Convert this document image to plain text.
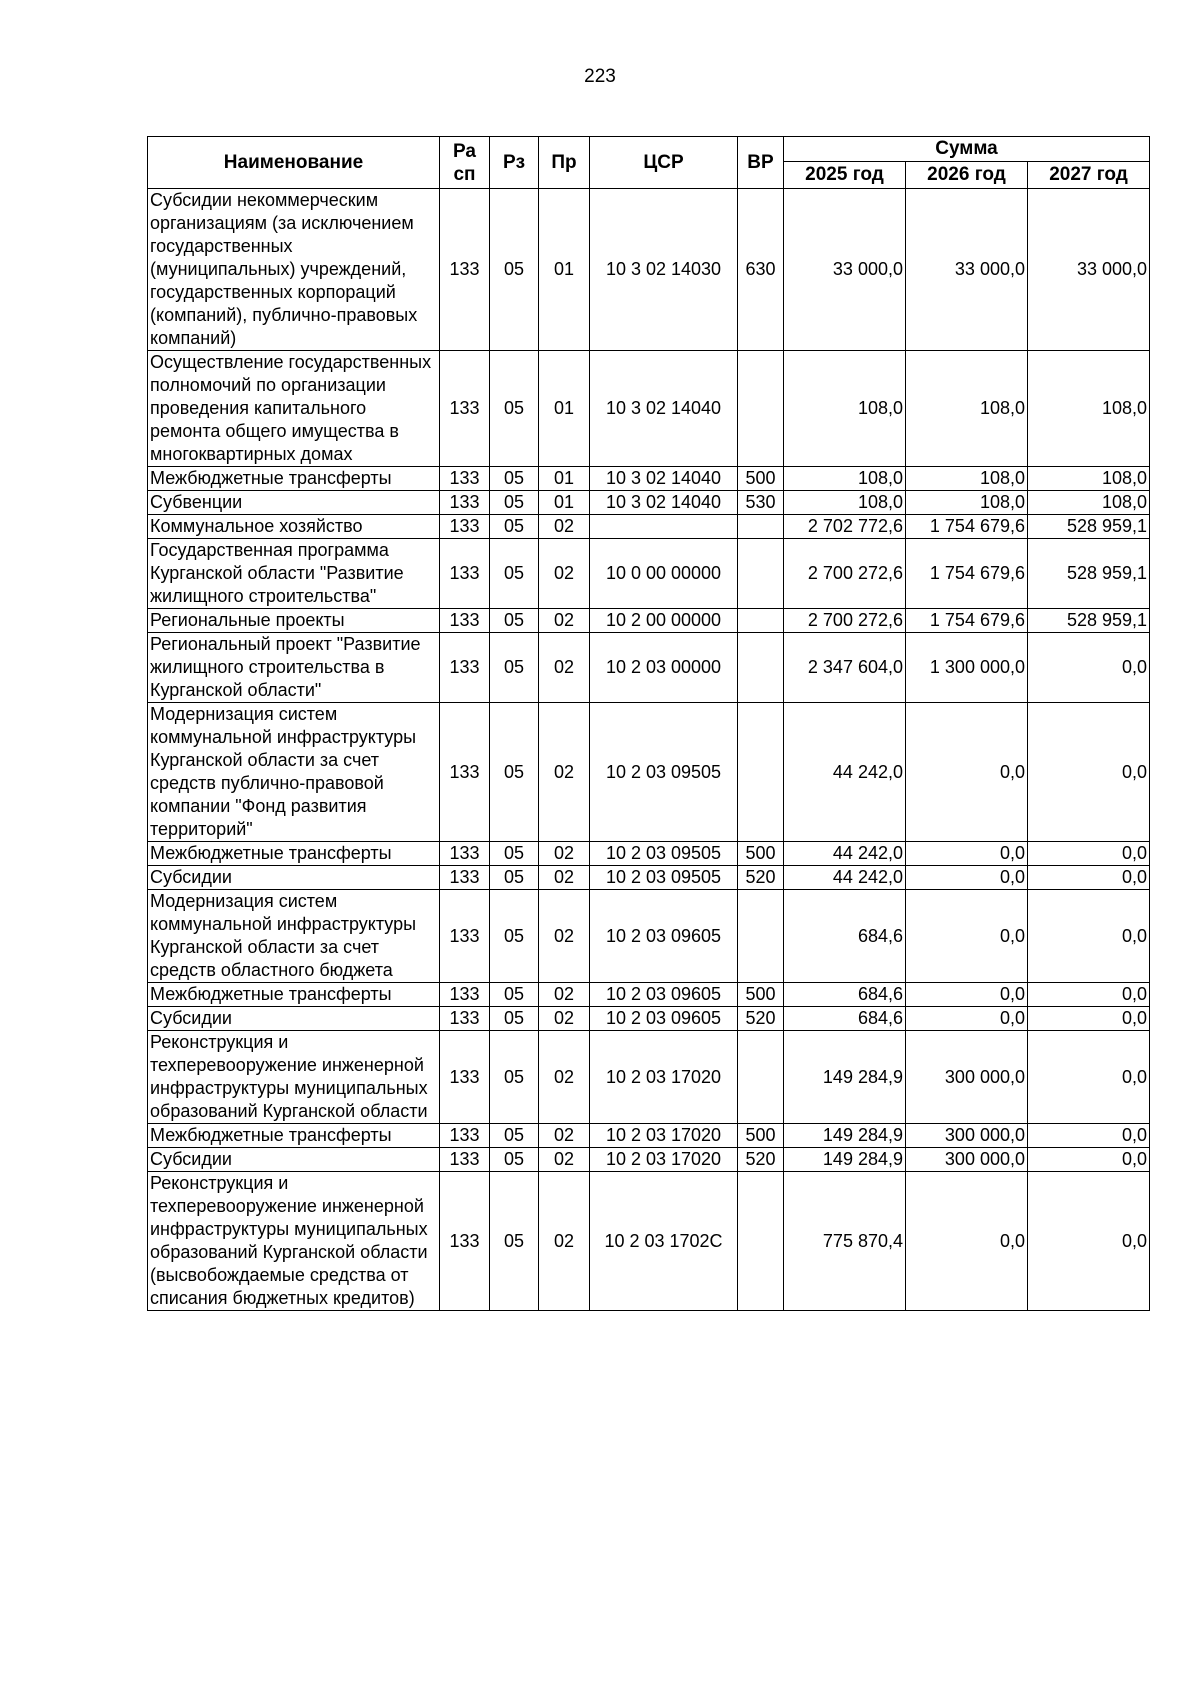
223
Наименование	Ра сп	Рз	Пр	ЦСР	ВР	Сумма		
						2025 год	2026 год	2027 год
Субсидии некоммерческим организациям (за исключением государственных (муниципальных) учреждений, государственных корпораций (компаний), публично-правовых компаний)	133	05	01	10 3 02 14030	630	33 000,0	33 000,0	33 000,0
Осуществление государственных полномочий по организации проведения капитального ремонта общего имущества в многоквартирных домах	133	05	01	10 3 02 14040		108,0	108,0	108,0
Межбюджетные трансферты	133	05	01	10 3 02 14040	500	108,0	108,0	108,0
Субвенции	133	05	01	10 3 02 14040	530	108,0	108,0	108,0
Коммунальное хозяйство	133	05	02			2 702 772,6	1 754 679,6	528 959,1
Государственная программа Курганской области "Развитие жилищного строительства"	133	05	02	10 0 00 00000		2 700 272,6	1 754 679,6	528 959,1
Региональные проекты	133	05	02	10 2 00 00000		2 700 272,6	1 754 679,6	528 959,1
Региональный проект "Развитие жилищного строительства в Курганской области"	133	05	02	10 2 03 00000		2 347 604,0	1 300 000,0	0,0
Модернизация систем коммунальной инфраструктуры Курганской области за счет средств публично-правовой компании "Фонд развития территорий"	133	05	02	10 2 03 09505		44 242,0	0,0	0,0
Межбюджетные трансферты	133	05	02	10 2 03 09505	500	44 242,0	0,0	0,0
Субсидии	133	05	02	10 2 03 09505	520	44 242,0	0,0	0,0
Модернизация систем коммунальной инфраструктуры Курганской области за счет средств областного бюджета	133	05	02	10 2 03 09605		684,6	0,0	0,0
Межбюджетные трансферты	133	05	02	10 2 03 09605	500	684,6	0,0	0,0
Субсидии	133	05	02	10 2 03 09605	520	684,6	0,0	0,0
Реконструкция и техперевооружение инженерной инфраструктуры муниципальных образований Курганской области	133	05	02	10 2 03 17020		149 284,9	300 000,0	0,0
Межбюджетные трансферты	133	05	02	10 2 03 17020	500	149 284,9	300 000,0	0,0
Субсидии	133	05	02	10 2 03 17020	520	149 284,9	300 000,0	0,0
Реконструкция и техперевооружение инженерной инфраструктуры муниципальных образований Курганской области (высвобождаемые средства от списания бюджетных кредитов)	133	05	02	10 2 03 1702С		775 870,4	0,0	0,0
